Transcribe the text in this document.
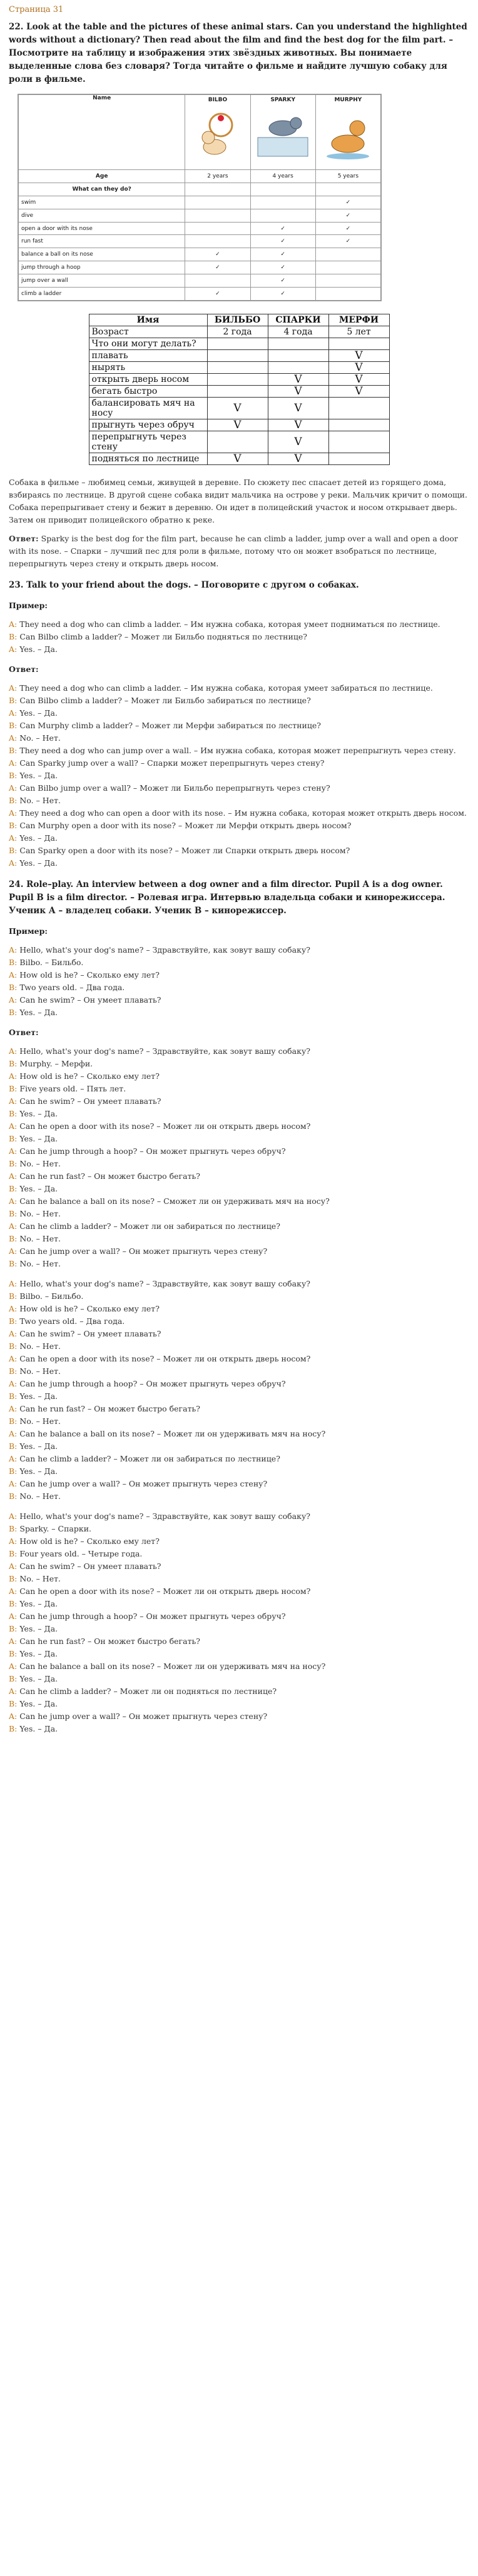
Страница 31
22. Look at the table and the pictures of these animal stars. Can you understand the highlighted words without a dictionary? Then read about the film and find the best dog for the film part. – Посмотрите на таблицу и изображения этих звёздных животных. Вы понимаете выделенные слова без словаря? Тогда читайте о фильме и найдите лучшую собаку для роли в фильме.
Name	BILBO	SPARKY	MURPHY

Age	2 years	4 years	5 years
What can they do?			
swim			✓
dive			✓
open a door with its nose		✓	✓
run fast		✓	✓
balance a ball on its nose	✓	✓	
jump through a hoop	✓	✓	
jump over a wall		✓	
climb a ladder	✓	✓	
Имя	БИЛЬБО	СПАРКИ	МЕРФИ
Возраст	2 года	4 года	5 лет
Что они могут делать?			
плавать			V
нырять			V
открыть дверь носом		V	V
бегать быстро		V	V
балансировать мяч на носу	V	V	
прыгнуть через обруч	V	V	
перепрыгнуть через стену		V	
подняться по лестнице	V	V	

Собака в фильме – любимец семьи, живущей в деревне. По сюжету пес спасает детей из горящего дома, взбираясь по лестнице. В другой сцене собака видит мальчика на острове у реки. Мальчик кричит о помощи. Собака перепрыгивает стену и бежит в деревню. Он идет в полицейский участок и носом открывает дверь. Затем он приводит полицейского обратно к реке.

Ответ: Sparky is the best dog for the film part, because he can climb a ladder, jump over a wall and open a door with its nose. – Спарки – лучший пес для роли в фильме, потому что он может взобраться по лестнице, перепрыгнуть через стену и открыть дверь носом.

23. Talk to your friend about the dogs. – Поговорите с другом о собаках.
Пример:
A: They need a dog who can climb a ladder. – Им нужна собака, которая умеет подниматься по лестнице.
B: Can Bilbo climb a ladder? – Может ли Бильбо подняться по лестнице?
A: Yes. – Да.
Ответ:
A: They need a dog who can climb a ladder. – Им нужна собака, которая умеет забираться по лестнице.
B: Can Bilbo climb a ladder? – Может ли Бильбо забираться по лестнице?
A: Yes. – Да.
B: Can Murphy climb a ladder? – Может ли Мерфи забираться по лестнице?
A: No. – Нет.
B: They need a dog who can jump over a wall. – Им нужна собака, которая может перепрыгнуть через стену.
A: Can Sparky jump over a wall? – Спарки может перепрыгнуть через стену?
B: Yes. – Да.
A: Can Bilbo jump over a wall? – Может ли Бильбо перепрыгнуть через стену?
B: No. – Нет.
A: They need a dog who can open a door with its nose. – Им нужна собака, которая может открыть дверь носом.
B: Can Murphy open a door with its nose? – Может ли Мерфи открыть дверь носом?
A: Yes. – Да.
B: Can Sparky open a door with its nose? – Может ли Спарки открыть дверь носом?
A: Yes. – Да.
24. Role–play. An interview between a dog owner and a film director. Pupil A is a dog owner. Pupil B is a film director. – Ролевая игра. Интервью владельца собаки и кинорежиссера. Ученик А – владелец собаки. Ученик В – кинорежиссер.
Пример:
A: Hello, what's your dog's name? – Здравствуйте, как зовут вашу собаку?
B: Bilbo. – Бильбо.
A: How old is he? – Сколько ему лет?
B: Two years old. – Два года.
A: Can he swim? – Он умеет плавать?
B: Yes. – Да.
Ответ:
A: Hello, what's your dog's name? – Здравствуйте, как зовут вашу собаку?
B: Murphy. – Мерфи.
A: How old is he? – Сколько ему лет?
B: Five years old. – Пять лет.
A: Can he swim? – Он умеет плавать?
B: Yes. – Да.
A: Can he open a door with its nose? – Может ли он открыть дверь носом?
B: Yes. – Да.
A: Can he jump through a hoop? – Он может прыгнуть через обруч?
B: No. – Нет.
A: Can he run fast? – Он может быстро бегать?
B: Yes. – Да.
A: Can he balance a ball on its nose? – Сможет ли он удерживать мяч на носу?
B: No. – Нет.
A: Can he climb a ladder? – Может ли он забираться по лестнице?
B: No. – Нет.
A: Can he jump over a wall? – Он может прыгнуть через стену?
B: No. – Нет.
A: Hello, what's your dog's name? – Здравствуйте, как зовут вашу собаку?
B: Bilbo. – Бильбо.
A: How old is he? – Сколько ему лет?
B: Two years old. – Два года.
A: Can he swim? – Он умеет плавать?
B: No. – Нет.
A: Can he open a door with its nose? – Может ли он открыть дверь носом?
B: No. – Нет.
A: Can he jump through a hoop? – Он может прыгнуть через обруч?
B: Yes. – Да.
A: Can he run fast? – Он может быстро бегать?
B: No. – Нет.
A: Can he balance a ball on its nose? – Может ли он удерживать мяч на носу?
B: Yes. – Да.
A: Can he climb a ladder? – Может ли он забираться по лестнице?
B: Yes. – Да.
A: Can he jump over a wall? – Он может прыгнуть через стену?
B: No. – Нет.
A: Hello, what's your dog's name? – Здравствуйте, как зовут вашу собаку?
B: Sparky. – Спарки.
A: How old is he? – Сколько ему лет?
B: Four years old. – Четыре года.
A: Can he swim? – Он умеет плавать?
B: No. – Нет.
A: Can he open a door with its nose? – Может ли он открыть дверь носом?
B: Yes. – Да.
A: Can he jump through a hoop? – Он может прыгнуть через обруч?
B: Yes. – Да.
A: Can he run fast? – Он может быстро бегать?
B: Yes. – Да.
A: Can he balance a ball on its nose? – Может ли он удерживать мяч на носу?
B: Yes. – Да.
A: Can he climb a ladder? – Может ли он подняться по лестнице?
B: Yes. – Да.
A: Can he jump over a wall? – Он может прыгнуть через стену?
B: Yes. – Да.
